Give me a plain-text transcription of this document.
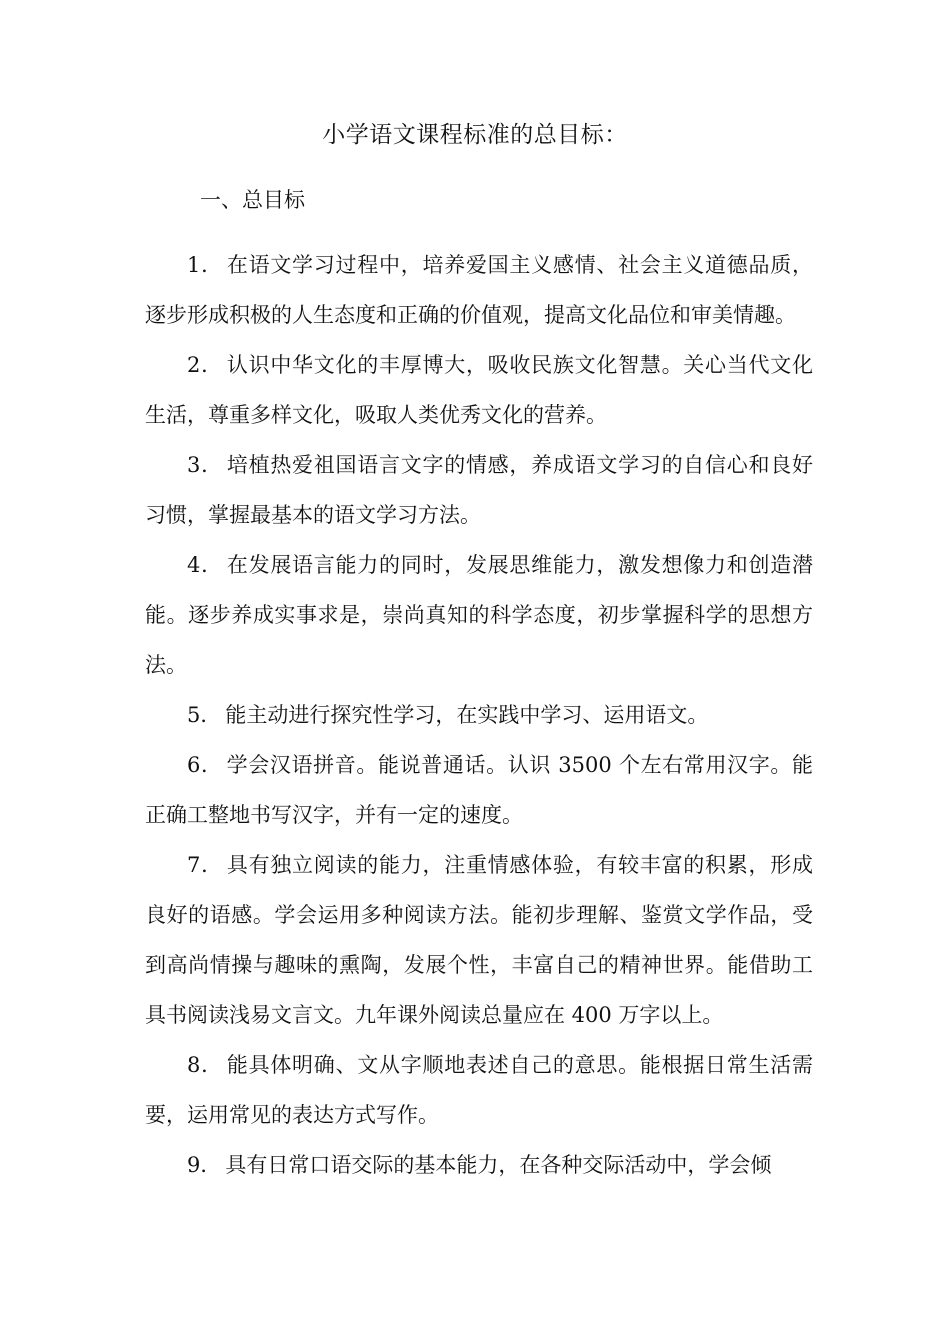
小学语文课程标准的总目标：
一、总目标

1． 在语文学习过程中，培养爱国主义感情、社会主义道德品质，逐步形成积极的人生态度和正确的价值观，提高文化品位和审美情趣。

2． 认识中华文化的丰厚博大，吸收民族文化智慧。关心当代文化生活，尊重多样文化，吸取人类优秀文化的营养。

3． 培植热爱祖国语言文字的情感，养成语文学习的自信心和良好习惯，掌握最基本的语文学习方法。

4． 在发展语言能力的同时，发展思维能力，激发想像力和创造潜能。逐步养成实事求是，崇尚真知的科学态度，初步掌握科学的思想方法。

5． 能主动进行探究性学习，在实践中学习、运用语文。

6． 学会汉语拼音。能说普通话。认识 3500 个左右常用汉字。能正确工整地书写汉字，并有一定的速度。

7． 具有独立阅读的能力，注重情感体验，有较丰富的积累，形成良好的语感。学会运用多种阅读方法。能初步理解、鉴赏文学作品，受到高尚情操与趣味的熏陶，发展个性，丰富自己的精神世界。能借助工具书阅读浅易文言文。九年课外阅读总量应在 400 万字以上。

8． 能具体明确、文从字顺地表述自己的意思。能根据日常生活需要，运用常见的表达方式写作。

9． 具有日常口语交际的基本能力，在各种交际活动中，学会倾
